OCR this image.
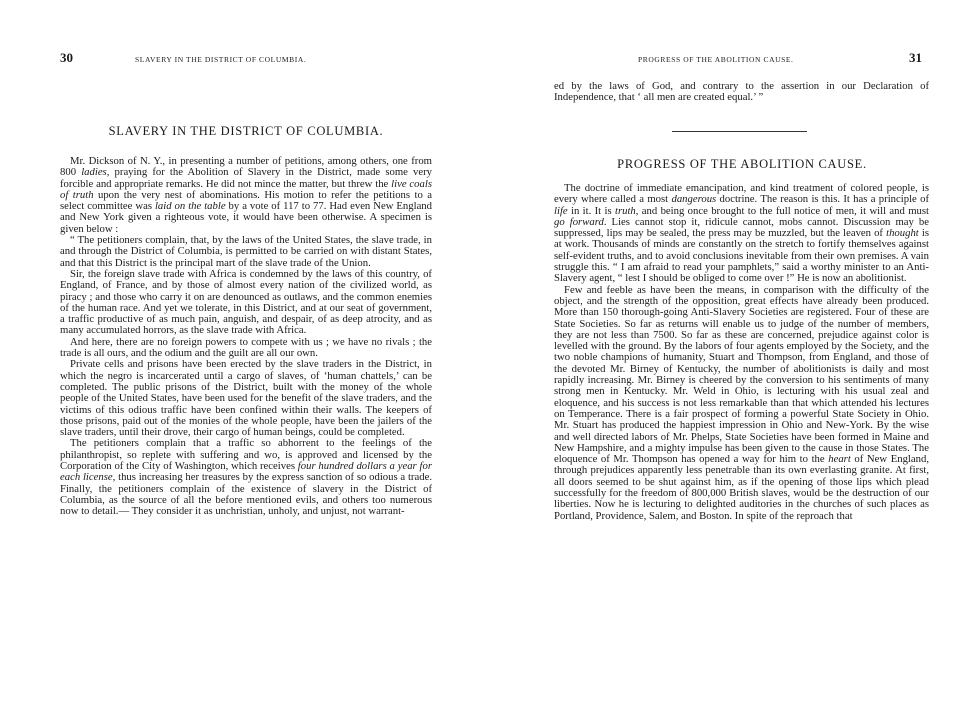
30	SLAVERY IN THE DISTRICT OF COLUMBIA.
SLAVERY IN THE DISTRICT OF COLUMBIA.

Mr. Dickson of N. Y., in presenting a number of petitions, among others, one from 800 ladies, praying for the Abolition of Slavery in the District, made some very forcible and appropriate remarks. He did not mince the matter, but threw the live coals of truth upon the very nest of abominations. His motion to refer the petitions to a select committee was laid on the table by a vote of 117 to 77. Had even New England and New York given a righteous vote, it would have been otherwise. A specimen is given below :

“ The petitioners complain, that, by the laws of the United States, the slave trade, in and through the District of Columbia, is permitted to be carried on with distant States, and that this District is the principal mart of the slave trade of the Union.

Sir, the foreign slave trade with Africa is condemned by the laws of this country, of England, of France, and by those of almost every nation of the civilized world, as piracy ; and those who carry it on are denounced as outlaws, and the common enemies of the human race. And yet we tolerate, in this District, and at our seat of government, a traffic productive of as much pain, anguish, and despair, of as deep atrocity, and as many accumulated horrors, as the slave trade with Africa.

And here, there are no foreign powers to compete with us ; we have no rivals ; the trade is all ours, and the odium and the guilt are all our own.

Private cells and prisons have been erected by the slave traders in the District, in which the negro is incarcerated until a cargo of slaves, of ‘human chattels,’ can be completed. The public prisons of the District, built with the money of the whole people of the United States, have been used for the benefit of the slave traders, and the victims of this odious traffic have been confined within their walls. The keepers of those prisons, paid out of the monies of the whole people, have been the jailers of the slave traders, until their drove, their cargo of human beings, could be completed.

The petitioners complain that a traffic so abhorrent to the feelings of the philanthropist, so replete with suffering and wo, is approved and licensed by the Corporation of the City of Washington, which receives four hundred dollars a year for each license, thus increasing her treasures by the express sanction of so odious a trade. Finally, the petitioners complain of the existence of slavery in the District of Columbia, as the source of all the before mentioned evils, and others too numerous now to detail.— They consider it as unchristian, unholy, and unjust, not warrant-

31
PROGRESS OF THE ABOLITION CAUSE.

ed by the laws of God, and contrary to the assertion in our Declaration of Independence, that ‘ all men are created equal.’ ”

PROGRESS OF THE ABOLITION CAUSE.

The doctrine of immediate emancipation, and kind treatment of colored people, is every where called a most dangerous doctrine. The reason is this. It has a principle of life in it. It is truth, and being once brought to the full notice of men, it will and must go forward. Lies cannot stop it, ridicule cannot, mobs cannot. Discussion may be suppressed, lips may be sealed, the press may be muzzled, but the leaven of thought is at work. Thousands of minds are constantly on the stretch to fortify themselves against self-evident truths, and to avoid conclusions inevitable from their own premises. A vain struggle this. “ I am afraid to read your pamphlets,” said a worthy minister to an Anti-Slavery agent, “ lest I should be obliged to come over !” He is now an abolitionist.

Few and feeble as have been the means, in comparison with the difficulty of the object, and the strength of the opposition, great effects have already been produced. More than 150 thorough-going Anti-Slavery Societies are registered. Four of these are State Societies. So far as returns will enable us to judge of the number of members, they are not less than 7500. So far as these are concerned, prejudice against color is levelled with the ground. By the labors of four agents employed by the Society, and the two noble champions of humanity, Stuart and Thompson, from England, and those of the devoted Mr. Birney of Kentucky, the number of abolitionists is daily and most rapidly increasing. Mr. Birney is cheered by the conversion to his sentiments of many strong men in Kentucky. Mr. Weld in Ohio, is lecturing with his usual zeal and eloquence, and his success is not less remarkable than that which attended his lectures on Temperance. There is a fair prospect of forming a powerful State Society in Ohio. Mr. Stuart has produced the happiest impression in Ohio and New-York. By the wise and well directed labors of Mr. Phelps, State Societies have been formed in Maine and New Hampshire, and a mighty impulse has been given to the cause in those States. The eloquence of Mr. Thompson has opened a way for him to the heart of New England, through prejudices apparently less penetrable than its own everlasting granite. At first, all doors seemed to be shut against him, as if the opening of those lips which plead successfully for the freedom of 800,000 British slaves, would be the destruction of our liberties. Now he is lecturing to delighted auditories in the churches of such places as Portland, Providence, Salem, and Boston. In spite of the reproach that
